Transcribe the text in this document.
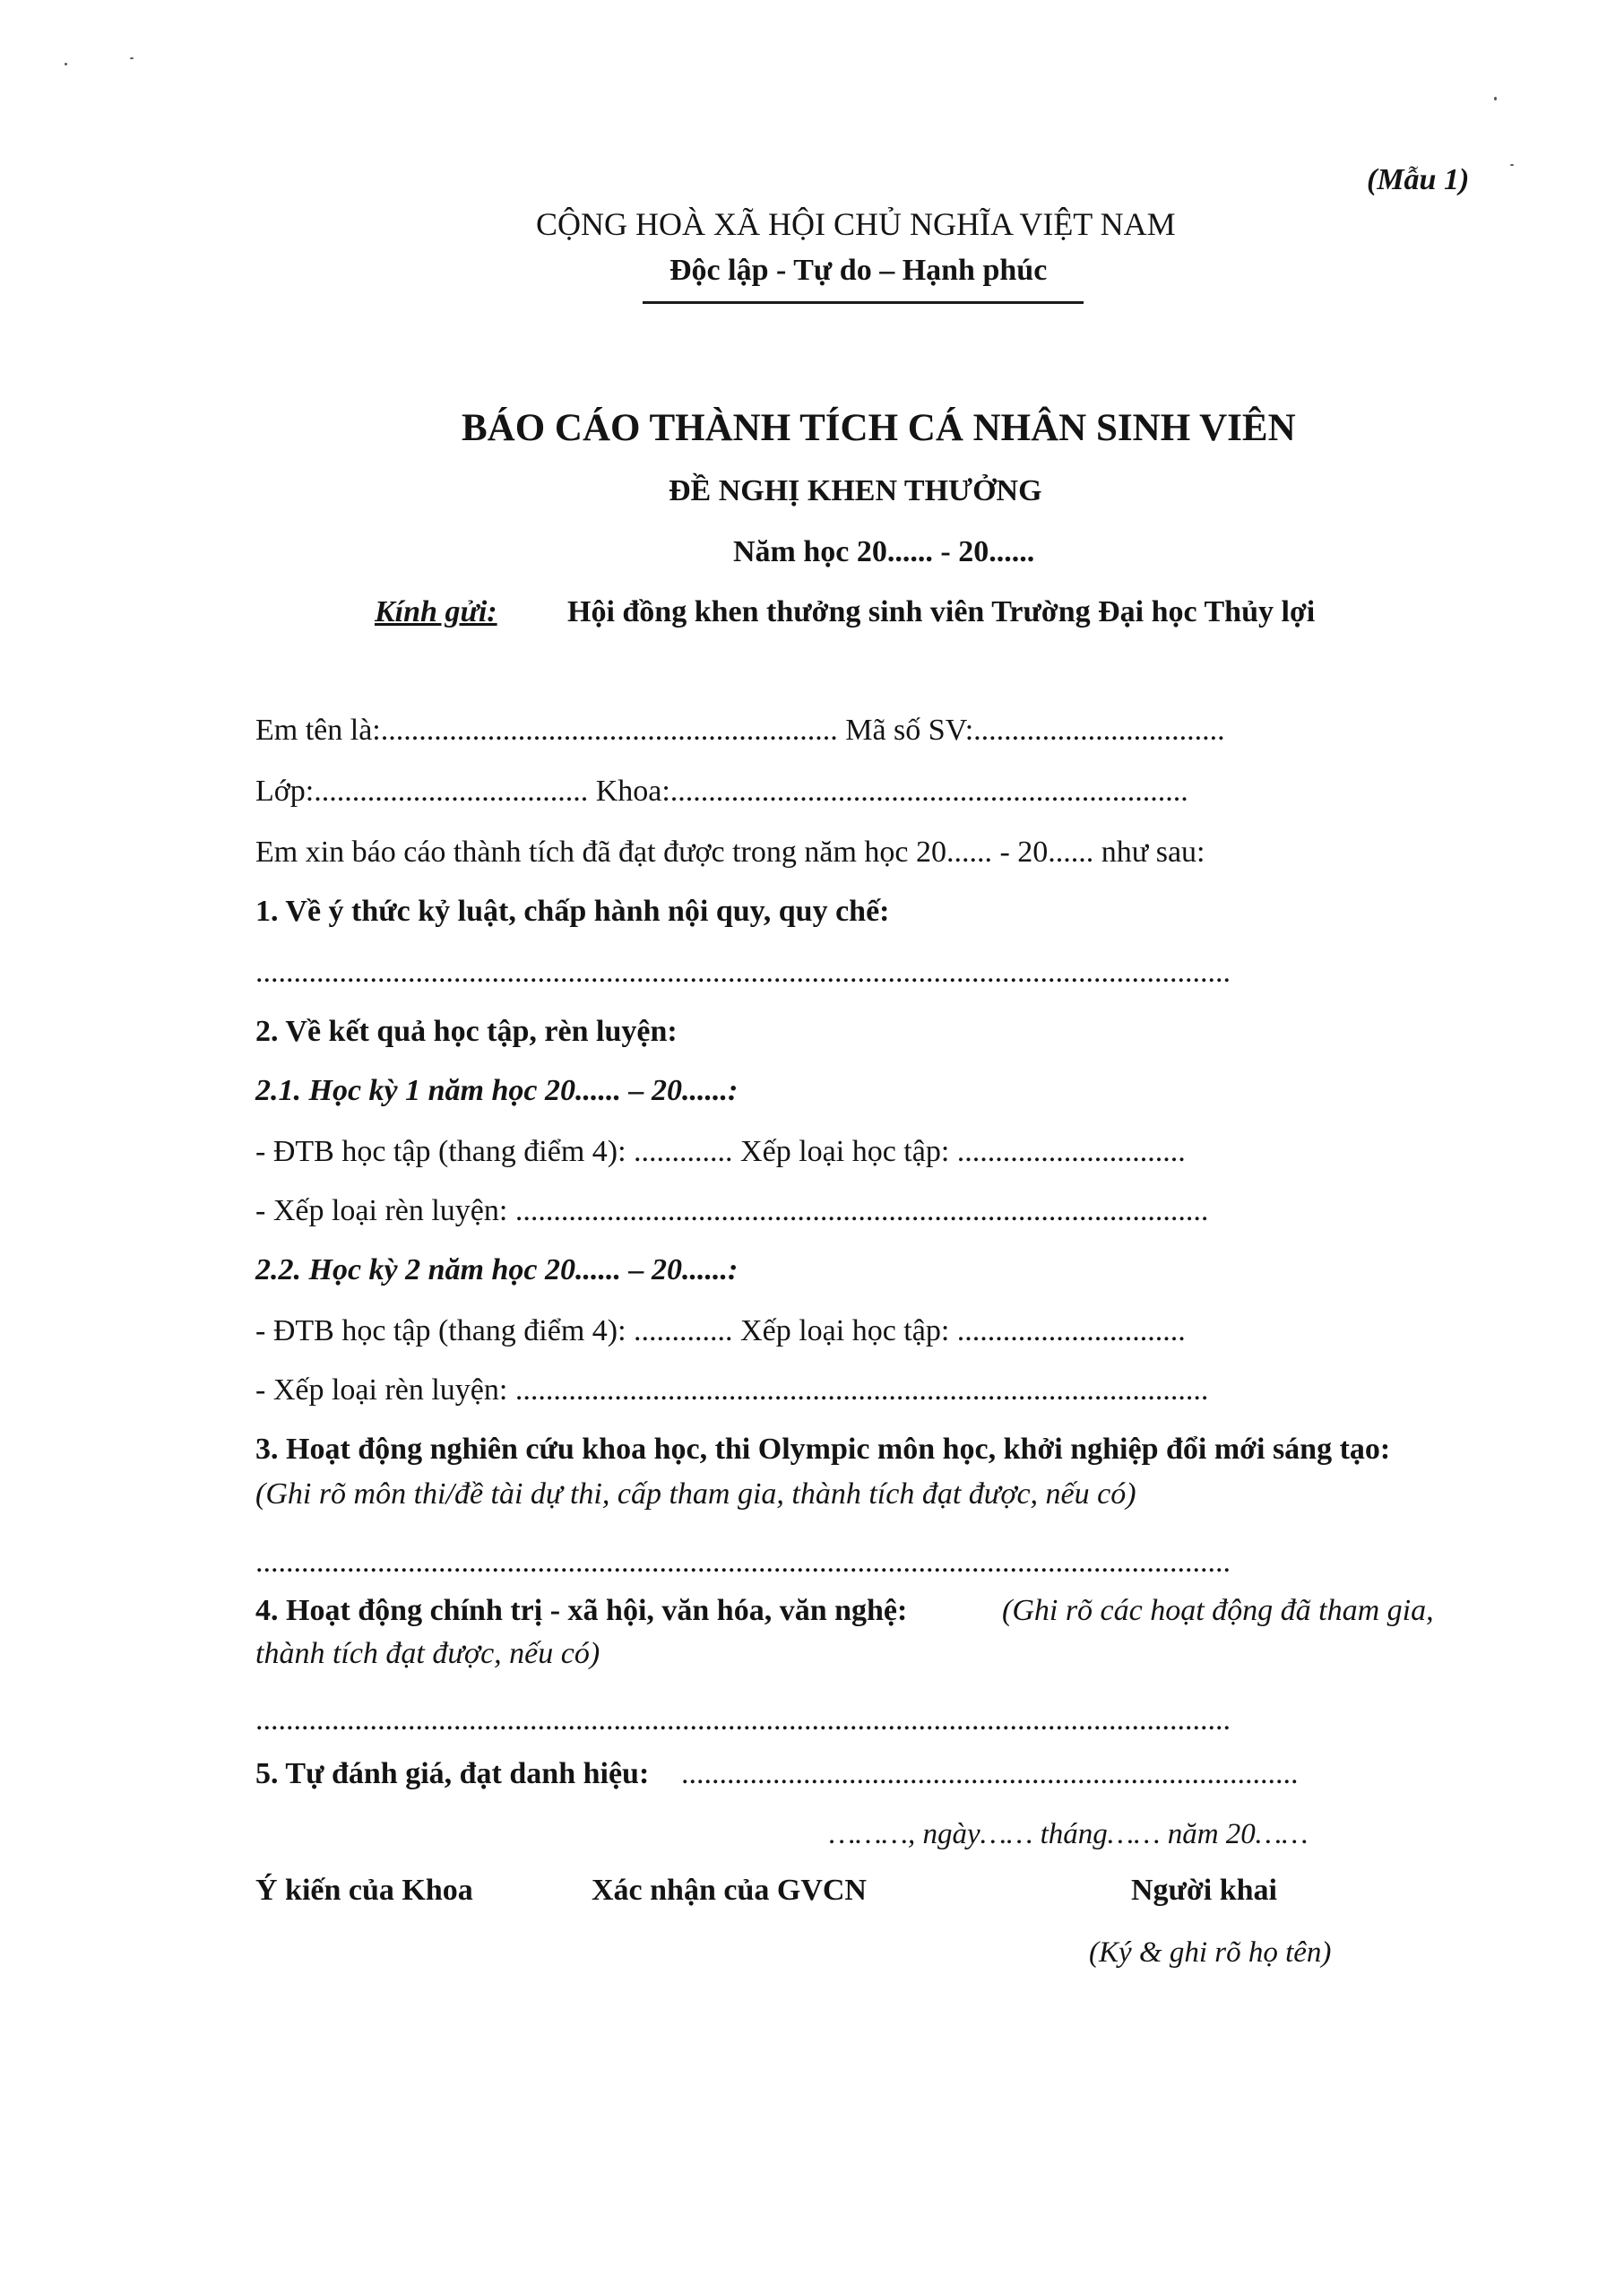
(Mẫu 1)
CỘNG HOÀ XÃ HỘI CHỦ NGHĨA VIỆT NAM
Độc lập - Tự do – Hạnh phúc
BÁO CÁO THÀNH TÍCH CÁ NHÂN SINH VIÊN
ĐỀ NGHỊ KHEN THƯỞNG
Năm học 20...... - 20......
Kính gửi: Hội đồng khen thưởng sinh viên Trường Đại học Thủy lợi
Em tên là:............................................................ Mã số SV:.................................
Lớp:.................................... Khoa:....................................................................
Em xin báo cáo thành tích đã đạt được trong năm học 20...... - 20...... như sau:
1. Về ý thức kỷ luật, chấp hành nội quy, quy chế:
................................................................................................................................
2. Về kết quả học tập, rèn luyện:
2.1. Học kỳ 1 năm học 20...... – 20......:
- ĐTB học tập (thang điểm 4): ............. Xếp loại học tập: ..............................
- Xếp loại rèn luyện: ...........................................................................................
2.2. Học kỳ 2 năm học 20...... – 20......:
- ĐTB học tập (thang điểm 4): ............. Xếp loại học tập: ..............................
- Xếp loại rèn luyện: ...........................................................................................
3. Hoạt động nghiên cứu khoa học, thi Olympic môn học, khởi nghiệp đổi mới sáng tạo:
(Ghi rõ môn thi/đề tài dự thi, cấp tham gia, thành tích đạt được, nếu có)
................................................................................................................................
4. Hoạt động chính trị - xã hội, văn hóa, văn nghệ:	(Ghi rõ các hoạt động đã tham gia,
thành tích đạt được, nếu có)
................................................................................................................................
5. Tự đánh giá, đạt danh hiệu: .................................................................................
………, ngày…… tháng…… năm 20……
Ý kiến của Khoa	Xác nhận của GVCN	Người khai
(Ký & ghi rõ họ tên)
